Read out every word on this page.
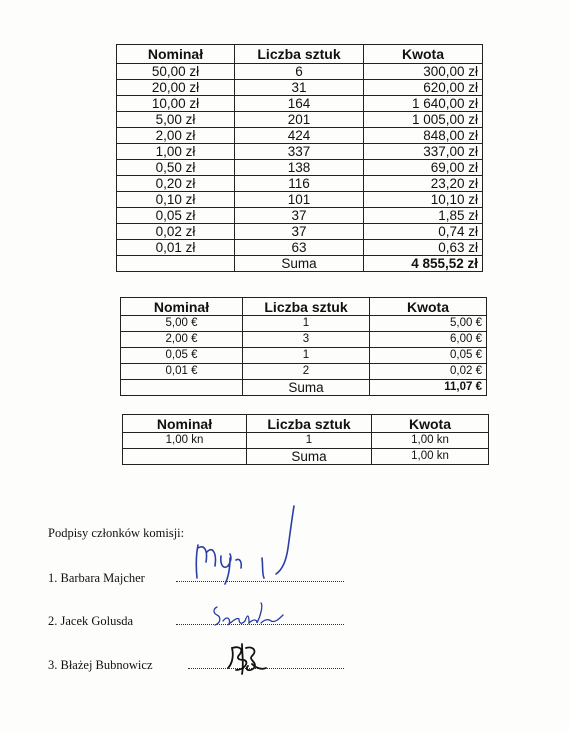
Nominał	Liczba sztuk	Kwota
50,00 zł	6	300,00 zł
20,00 zł	31	620,00 zł
10,00 zł	164	1 640,00 zł
5,00 zł	201	1 005,00 zł
2,00 zł	424	848,00 zł
1,00 zł	337	337,00 zł
0,50 zł	138	69,00 zł
0,20 zł	116	23,20 zł
0,10 zł	101	10,10 zł
0,05 zł	37	1,85 zł
0,02 zł	37	0,74 zł
0,01 zł	63	0,63 zł
	Suma	4 855,52 zł
Nominał	Liczba sztuk	Kwota
5,00 €	1	5,00 €
2,00 €	3	6,00 €
0,05 €	1	0,05 €
0,01 €	2	0,02 €
	Suma	11,07 €
Nominał	Liczba sztuk	Kwota
1,00 kn	1	1,00 kn
	Suma	1,00 kn
Podpisy członków komisji:
1. Barbara Majcher
2. Jacek Golusda
3. Błażej Bubnowicz
